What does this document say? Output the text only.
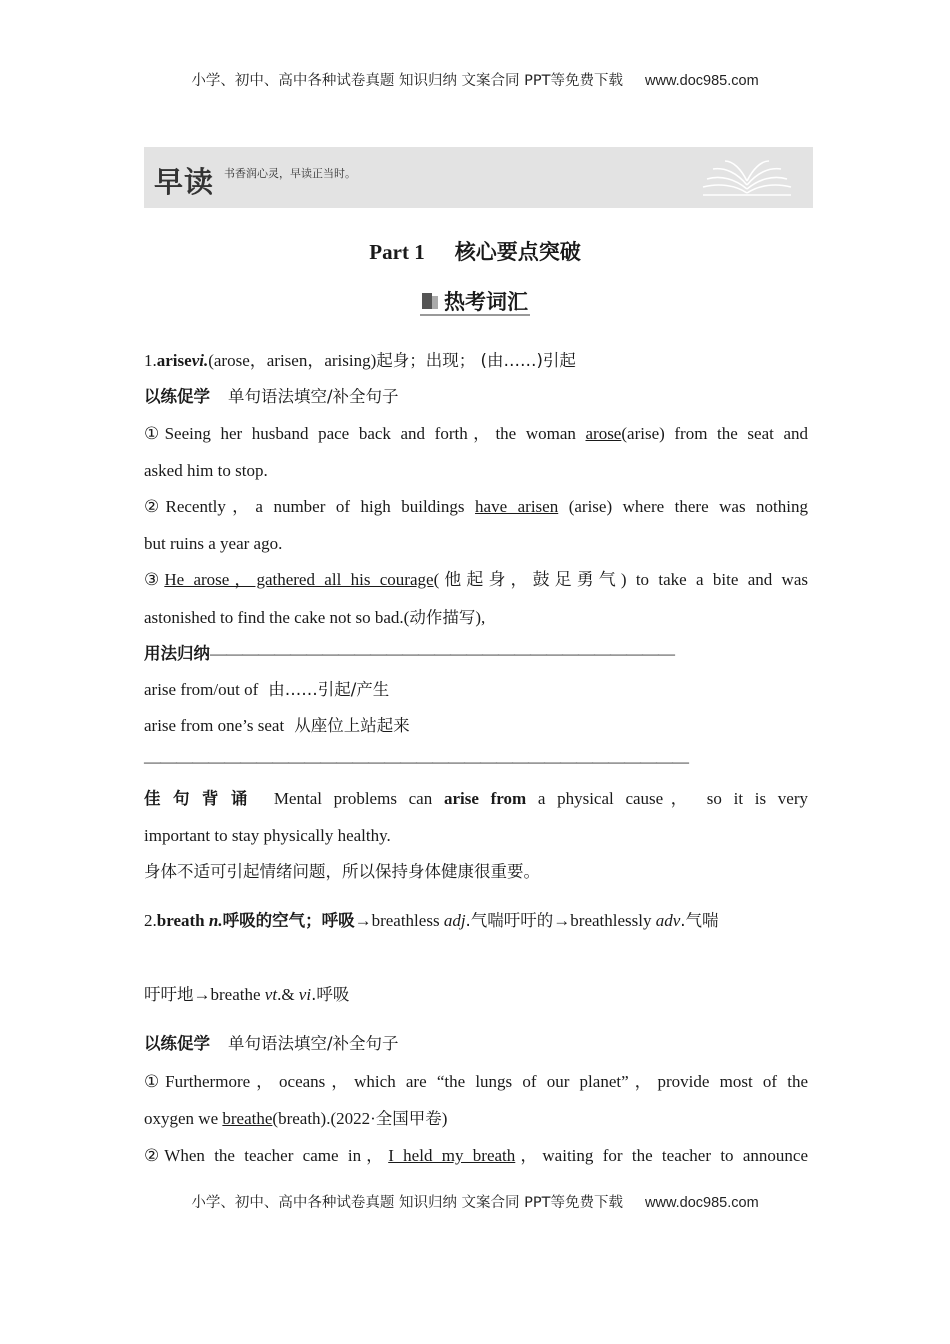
小学、初中、高中各种试卷真题 知识归纳 文案合同 PPT等免费下载 www.doc985.com
早读 书香润心灵，早读正当时。
Part 1 核心要点突破
热考词汇
1.arisevi.(arose，arisen，arising)起身；出现； (由……)引起
以练促学 单句语法填空/补全句子
①Seeing her husband pace back and forth，the woman arose(arise) from the seat and
asked him to stop.
②Recently，a number of high buildings have arisen (arise) where there was nothing
but ruins a year ago.
③He arose，gathered all his courage(他起身，鼓足勇气) to take a bite and was
astonished to find the cake not so bad.(动作描写),
用法归纳—————————————————————————————
arise from/out of 由……引起/产生
arise from one’s seat 从座位上站起来
——————————————————————————————————
佳句背诵 Mental problems can arise from a physical cause， so it is very
important to stay physically healthy.
身体不适可引起情绪问题，所以保持身体健康很重要。
2.breath n.呼吸的空气；呼吸→breathless adj.气喘吁吁的→breathlessly adv.气喘
吁吁地→breathe vt.& vi.呼吸
以练促学 单句语法填空/补全句子
①Furthermore，oceans，which are “the lungs of our planet”，provide most of the
oxygen we breathe(breath).(2022·全国甲卷)
②When the teacher came in，I held my breath，waiting for the teacher to announce
小学、初中、高中各种试卷真题 知识归纳 文案合同 PPT等免费下载 www.doc985.com
